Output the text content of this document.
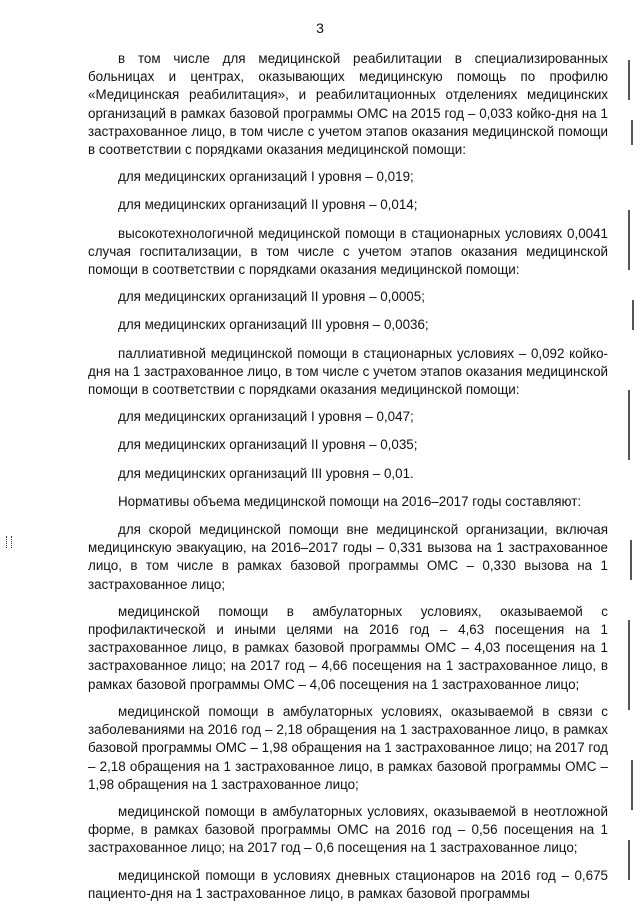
3

в том числе для медицинской реабилитации в специализированных больницах и центрах, оказывающих медицинскую помощь по профилю «Медицинская реабилитация», и реабилитационных отделениях медицинских организаций в рамках базовой программы ОМС на 2015 год – 0,033 койко-дня на 1 застрахованное лицо, в том числе с учетом этапов оказания медицинской помощи в соответствии с порядками оказания медицинской помощи:

для медицинских организаций I уровня – 0,019;

для медицинских организаций II уровня – 0,014;

высокотехнологичной медицинской помощи в стационарных условиях 0,0041 случая госпитализации, в том числе с учетом этапов оказания медицинской помощи в соответствии с порядками оказания медицинской помощи:

для медицинских организаций II уровня – 0,0005;

для медицинских организаций III уровня – 0,0036;

паллиативной медицинской помощи в стационарных условиях – 0,092 койко-дня на 1 застрахованное лицо, в том числе с учетом этапов оказания медицинской помощи в соответствии с порядками оказания медицинской помощи:

для медицинских организаций I уровня – 0,047;

для медицинских организаций II уровня – 0,035;

для медицинских организаций III уровня – 0,01.

Нормативы объема медицинской помощи на 2016–2017 годы составляют:

для скорой медицинской помощи вне медицинской организации, включая медицинскую эвакуацию, на 2016–2017 годы – 0,331 вызова на 1 застрахованное лицо, в том числе в рамках базовой программы ОМС – 0,330 вызова на 1 застрахованное лицо;

медицинской помощи в амбулаторных условиях, оказываемой с профилактической и иными целями на 2016 год – 4,63 посещения на 1 застрахованное лицо, в рамках базовой программы ОМС – 4,03 посещения на 1 застрахованное лицо; на 2017 год – 4,66 посещения на 1 застрахованное лицо, в рамках базовой программы ОМС – 4,06 посещения на 1 застрахованное лицо;

медицинской помощи в амбулаторных условиях, оказываемой в связи с заболеваниями на 2016 год – 2,18 обращения на 1 застрахованное лицо, в рамках базовой программы ОМС – 1,98 обращения на 1 застрахованное лицо; на 2017 год – 2,18 обращения на 1 застрахованное лицо, в рамках базовой программы ОМС – 1,98 обращения на 1 застрахованное лицо;

медицинской помощи в амбулаторных условиях, оказываемой в неотложной форме, в рамках базовой программы ОМС на 2016 год – 0,56 посещения на 1 застрахованное лицо; на 2017 год – 0,6 посещения на 1 застрахованное лицо;

медицинской помощи в условиях дневных стационаров на 2016 год – 0,675 пациенто-дня на 1 застрахованное лицо, в рамках базовой программы
